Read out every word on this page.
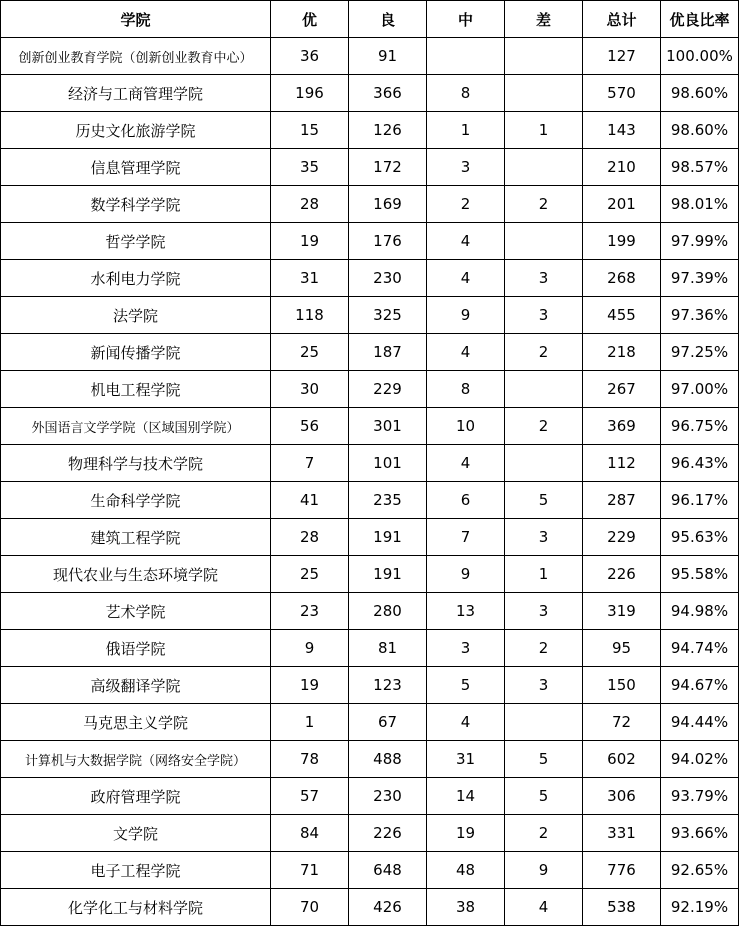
学院	优	良	中	差	总计	优良比率
创新创业教育学院（创新创业教育中心）	36	91			127	100.00%
经济与工商管理学院	196	366	8		570	98.60%
历史文化旅游学院	15	126	1	1	143	98.60%
信息管理学院	35	172	3		210	98.57%
数学科学学院	28	169	2	2	201	98.01%
哲学学院	19	176	4		199	97.99%
水利电力学院	31	230	4	3	268	97.39%
法学院	118	325	9	3	455	97.36%
新闻传播学院	25	187	4	2	218	97.25%
机电工程学院	30	229	8		267	97.00%
外国语言文学学院（区域国别学院）	56	301	10	2	369	96.75%
物理科学与技术学院	7	101	4		112	96.43%
生命科学学院	41	235	6	5	287	96.17%
建筑工程学院	28	191	7	3	229	95.63%
现代农业与生态环境学院	25	191	9	1	226	95.58%
艺术学院	23	280	13	3	319	94.98%
俄语学院	9	81	3	2	95	94.74%
高级翻译学院	19	123	5	3	150	94.67%
马克思主义学院	1	67	4		72	94.44%
计算机与大数据学院（网络安全学院）	78	488	31	5	602	94.02%
政府管理学院	57	230	14	5	306	93.79%
文学院	84	226	19	2	331	93.66%
电子工程学院	71	648	48	9	776	92.65%
化学化工与材料学院	70	426	38	4	538	92.19%
